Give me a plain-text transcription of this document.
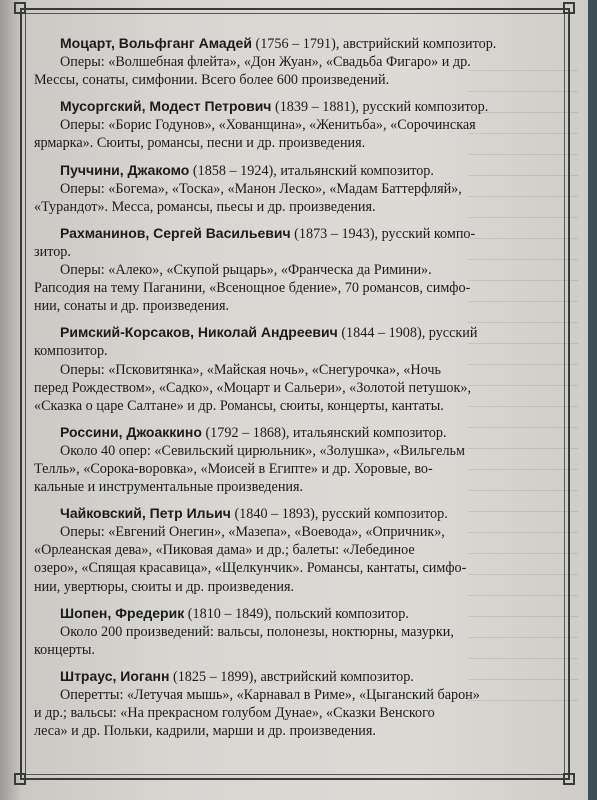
Моцарт, Вольфганг Амадей (1756 – 1791), австрийский композитор.
Оперы: «Волшебная флейта», «Дон Жуан», «Свадьба Фигаро» и др.
Мессы, сонаты, симфонии. Всего более 600 произведений.
Мусоргский, Модест Петрович (1839 – 1881), русский композитор.
Оперы: «Борис Годунов», «Хованщина», «Женитьба», «Сорочинская
ярмарка». Сюиты, романсы, песни и др. произведения.
Пуччини, Джакомо (1858 – 1924), итальянский композитор.
Оперы: «Богема», «Тоска», «Манон Леско», «Мадам Баттерфляй»,
«Турандот». Месса, романсы, пьесы и др. произведения.
Рахманинов, Сергей Васильевич (1873 – 1943), русский компо-
зитор.
Оперы: «Алеко», «Скупой рыцарь», «Франческа да Римини».
Рапсодия на тему Паганини, «Всенощное бдение», 70 романсов, симфо-
нии, сонаты и др. произведения.
Римский-Корсаков, Николай Андреевич (1844 – 1908), русский
композитор.
Оперы: «Псковитянка», «Майская ночь», «Снегурочка», «Ночь
перед Рождеством», «Садко», «Моцарт и Сальери», «Золотой петушок»,
«Сказка о царе Салтане» и др. Романсы, сюиты, концерты, кантаты.
Россини, Джоаккино (1792 – 1868), итальянский композитор.
Около 40 опер: «Севильский цирюльник», «Золушка», «Вильгельм
Телль», «Сорока-воровка», «Моисей в Египте» и др. Хоровые, во-
кальные и инструментальные произведения.
Чайковский, Петр Ильич (1840 – 1893), русский композитор.
Оперы: «Евгений Онегин», «Мазепа», «Воевода», «Опричник»,
«Орлеанская дева», «Пиковая дама» и др.; балеты: «Лебединое
озеро», «Спящая красавица», «Щелкунчик». Романсы, кантаты, симфо-
нии, увертюры, сюиты и др. произведения.
Шопен, Фредерик (1810 – 1849), польский композитор.
Около 200 произведений: вальсы, полонезы, ноктюрны, мазурки,
концерты.
Штраус, Иоганн (1825 – 1899), австрийский композитор.
Оперетты: «Летучая мышь», «Карнавал в Риме», «Цыганский барон»
и др.; вальсы: «На прекрасном голубом Дунае», «Сказки Венского
леса» и др. Польки, кадрили, марши и др. произведения.
